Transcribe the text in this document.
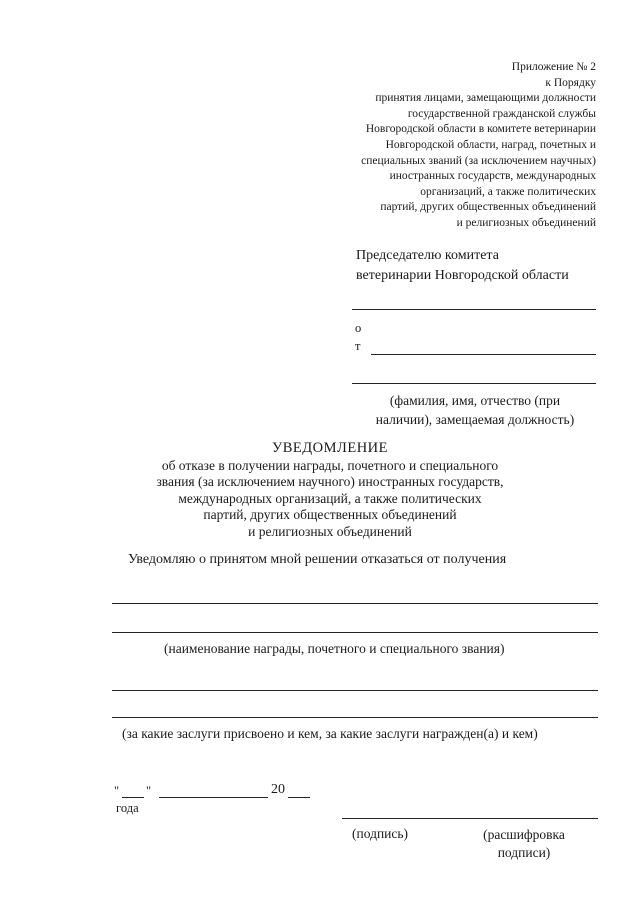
Приложение № 2
к Порядку
принятия лицами, замещающими должности
государственной гражданской службы
Новгородской области в комитете ветеринарии
Новгородской области, наград, почетных и
специальных званий (за исключением научных)
иностранных государств, международных
организаций, а также политических
партий, других общественных объединений
и религиозных объединений
Председателю комитета
ветеринарии Новгородской области
о
т
(фамилия, имя, отчество (при
наличии), замещаемая должность)
УВЕДОМЛЕНИЕ
об отказе в получении награды, почетного и специального
звания (за исключением научного) иностранных государств,
международных организаций, а также политических
партий, других общественных объединений
и религиозных объединений
Уведомляю о принятом мной решении отказаться от получения
(наименование награды, почетного и специального звания)
(за какие заслуги присвоено и кем, за какие заслуги награжден(а) и кем)
" "	20
года
(подпись)	(расшифровка
подписи)
